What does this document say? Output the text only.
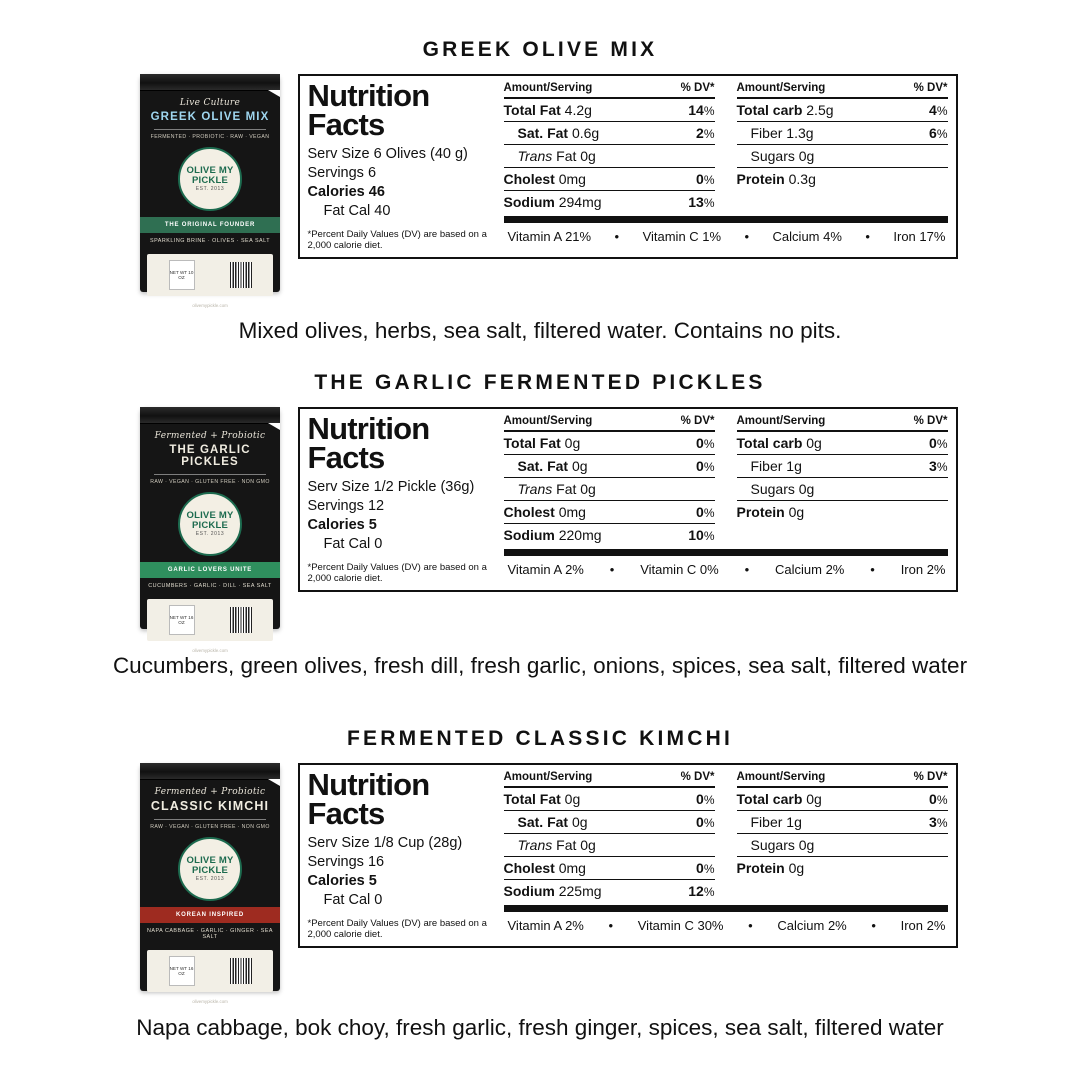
GREEK OLIVE MIX
Live Culture
GREEK OLIVE MIX
FERMENTED · PROBIOTIC · RAW · VEGAN
OLIVE MY
PICKLE
EST. 2013
THE ORIGINAL FOUNDER
SPARKLING BRINE · OLIVES · SEA SALT
NET WT 10 OZ
olivemypickle.com
Nutrition
Facts
Serv Size 6 Olives (40 g)
Servings 6
Calories 46
Fat Cal 40
*Percent Daily Values (DV) are based on a 2,000 calorie diet.
Amount/Serving	% DV*
Total Fat 4.2g	14%
Sat. Fat 0.6g	2%
Trans Fat 0g
Cholest 0mg	0%
Sodium 294mg	13%
Amount/Serving	% DV*
Total carb 2.5g	4%
Fiber 1.3g	6%
Sugars 0g
Protein 0.3g
Vitamin A 21% • Vitamin C 1% • Calcium 4% • Iron 17%
Mixed olives, herbs, sea salt, filtered water. Contains no pits.
THE GARLIC FERMENTED PICKLES
Fermented + Probiotic
THE GARLIC PICKLES
RAW · VEGAN · GLUTEN FREE · NON GMO
OLIVE MY
PICKLE
EST. 2013
GARLIC LOVERS UNITE
CUCUMBERS · GARLIC · DILL · SEA SALT
NET WT 16 OZ
olivemypickle.com
Nutrition
Facts
Serv Size 1/2 Pickle (36g)
Servings 12
Calories 5
Fat Cal 0
*Percent Daily Values (DV) are based on a 2,000 calorie diet.
Amount/Serving	% DV*
Total Fat 0g	0%
Sat. Fat 0g	0%
Trans Fat 0g
Cholest 0mg	0%
Sodium 220mg	10%
Amount/Serving	% DV*
Total carb 0g	0%
Fiber 1g	3%
Sugars 0g
Protein 0g
Vitamin A 2% • Vitamin C 0% • Calcium 2% • Iron 2%
Cucumbers, green olives, fresh dill, fresh garlic, onions, spices, sea salt, filtered water
FERMENTED CLASSIC KIMCHI
Fermented + Probiotic
CLASSIC KIMCHI
RAW · VEGAN · GLUTEN FREE · NON GMO
OLIVE MY
PICKLE
EST. 2013
KOREAN INSPIRED
NAPA CABBAGE · GARLIC · GINGER · SEA SALT
NET WT 16 OZ
olivemypickle.com
Nutrition
Facts
Serv Size 1/8 Cup (28g)
Servings 16
Calories 5
Fat Cal 0
*Percent Daily Values (DV) are based on a 2,000 calorie diet.
Amount/Serving	% DV*
Total Fat 0g	0%
Sat. Fat 0g	0%
Trans Fat 0g
Cholest 0mg	0%
Sodium 225mg	12%
Amount/Serving	% DV*
Total carb 0g	0%
Fiber 1g	3%
Sugars 0g
Protein 0g
Vitamin A 2% • Vitamin C 30% • Calcium 2% • Iron 2%
Napa cabbage, bok choy, fresh garlic, fresh ginger, spices, sea salt, filtered water
